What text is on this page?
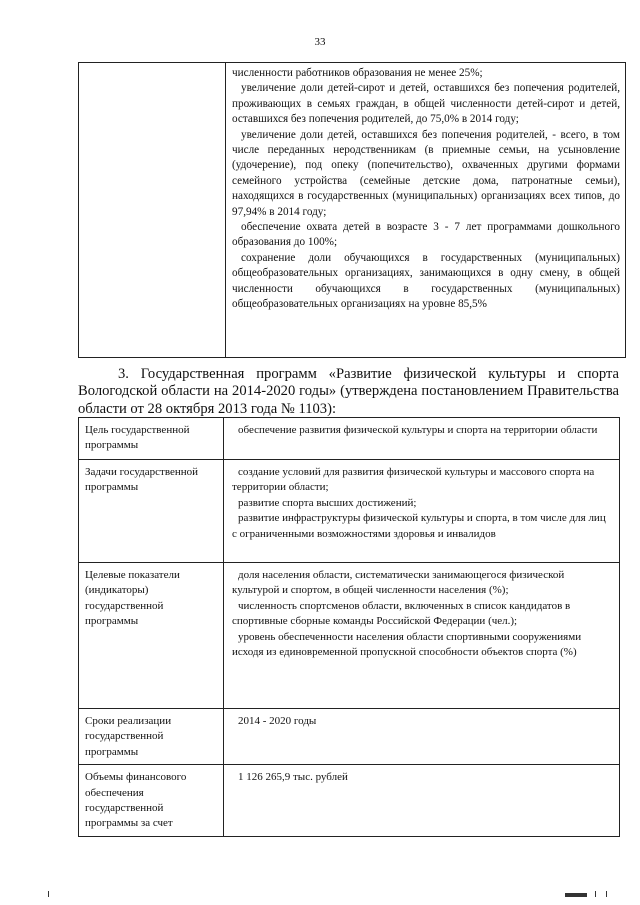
33

численности работников образования не менее 25%;
увеличение доли детей-сирот и детей, оставшихся без попечения родителей, проживающих в семьях граждан, в общей численности детей-сирот и детей, оставшихся без попечения родителей, до 75,0% в 2014 году;
увеличение доли детей, оставшихся без попечения родителей, - всего, в том числе переданных неродственникам (в приемные семьи, на усыновление (удочерение), под опеку (попечительство), охваченных другими формами семейного устройства (семейные детские дома, патронатные семьи), находящихся в государственных (муниципальных) организациях всех типов, до 97,94% в 2014 году;
обеспечение охвата детей в возрасте 3 - 7 лет программами дошкольного образования до 100%;
сохранение доли обучающихся в государственных (муниципальных) общеобразовательных организациях, занимающихся в одну смену, в общей численности обучающихся в государственных (муниципальных) общеобразовательных организациях на уровне 85,5%
3. Государственная программ «Развитие физической культуры и спорта Вологодской области на 2014-2020 годы» (утверждена постановлением Правительства области от 28 октября 2013 года № 1103):
Цель государственной программы	обеспечение развития физической культуры и спорта на территории области

Задачи государственной программы	создание условий для развития физической культуры и массового спорта на территории области;
развитие спорта высших достижений;
развитие инфраструктуры физической культуры и спорта, в том числе для лиц с ограниченными возможностями здоровья и инвалидов

Целевые показатели (индикаторы) государственной программы	доля населения области, систематически занимающегося физической культурой и спортом, в общей численности населения (%);
численность спортсменов области, включенных в список кандидатов в спортивные сборные команды Российской Федерации (чел.);
уровень обеспеченности населения области спортивными сооружениями исходя из единовременной пропускной способности объектов спорта (%)

Сроки реализации государственной программы	2014 - 2020 годы

Объемы финансового обеспечения государственной программы за счет	1 126 265,9 тыс. рублей
